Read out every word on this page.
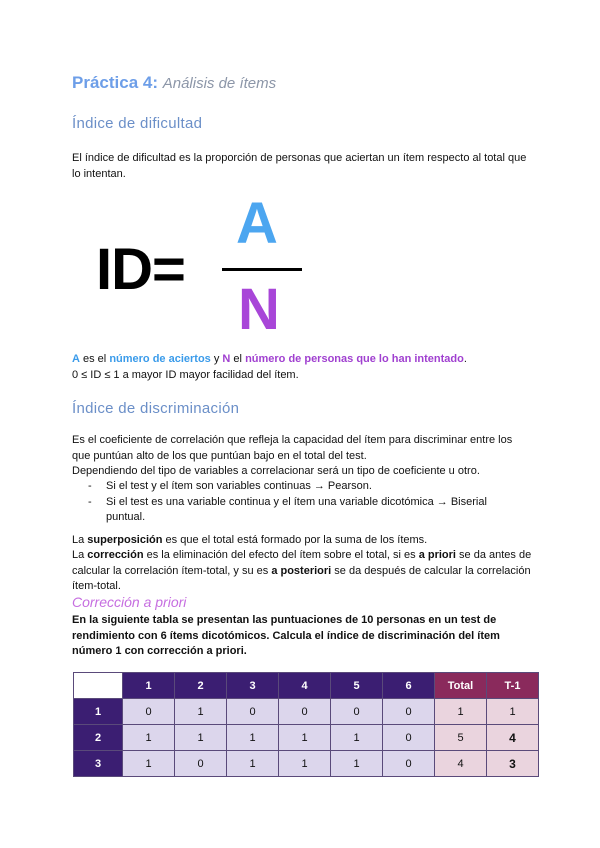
Práctica 4: Análisis de ítems
Índice de dificultad
El índice de dificultad es la proporción de personas que aciertan un ítem respecto al total que lo intentan.
ID=
A
N
A es el número de aciertos y N el número de personas que lo han intentado.
0 ≤ ID ≤ 1 a mayor ID mayor facilidad del ítem.
Índice de discriminación
Es el coeficiente de correlación que refleja la capacidad del ítem para discriminar entre los que puntúan alto de los que puntúan bajo en el total del test.
Dependiendo del tipo de variables a correlacionar será un tipo de coeficiente u otro.
- Si el test y el ítem son variables continuas → Pearson.
- Si el test es una variable continua y el ítem una variable dicotómica → Biserial puntual.
La superposición es que el total está formado por la suma de los ítems.
La corrección es la eliminación del efecto del ítem sobre el total, si es a priori se da antes de calcular la correlación ítem-total, y su es a posteriori se da después de calcular la correlación ítem-total.
Corrección a priori
En la siguiente tabla se presentan las puntuaciones de 10 personas en un test de rendimiento con 6 ítems dicotómicos. Calcula el índice de discriminación del ítem número 1 con corrección a priori.
	1	2	3	4	5	6	Total	T-1
1	0	1	0	0	0	0	1	1
2	1	1	1	1	1	0	5	4
3	1	0	1	1	1	0	4	3
